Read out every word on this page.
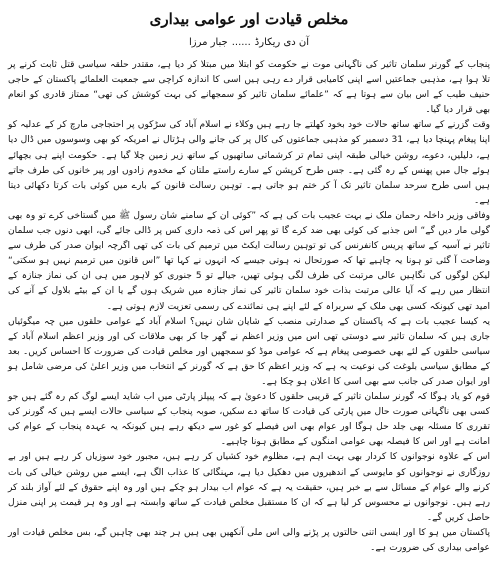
مخلص قیادت اور عوامی بیداری
آن دی ریکارڈ......جبار مرزا

پنجاب کے گورنر سلمان تاثیر کی ناگہانی موت نے حکومت کو ابتلا میں مبتلا کر دیا ہے، مقتدر حلقہ سیاسی قتل ثابت کرنے پر تلا ہوا ہے، مذہبی جماعتیں اسے اپنی کامیابی قرار دے رہی ہیں اسی کا اندازہ کراچی سے جمعیت العلمائے پاکستان کے حاجی حنیف طیب کے اس بیان سے ہوتا ہے کہ ”علمائے سلمان تاثیر کو سمجھانے کی بہت کوشش کی تھی“ ممتاز قادری کو انعام بھی قرار دیا گیا۔

وقت گزرنے کے ساتھ ساتھ حالات خود بخود کھلتے جا رہے ہیں وکلاء نے اسلام آباد کی سڑکوں پر احتجاجی مارچ کر کے عدلیہ کو اپنا پیغام پہنچا دیا ہے، 31 دسمبر کو مذہبی جماعتوں کی کال پر کی جانے والی ہڑتال نے امریکہ کو بھی وسوسوں میں ڈال دیا ہے، دلیلیں، دعوے، روشن خیالی طبقہ اپنی تمام تر کرشماتی ساتھیوں کے ساتھ زیر زمین چلا گیا ہے۔ حکومت اپنے ہی بچھائے ہوئے جال میں پھنس کے رہ گئی ہے۔ جس طرح کرپشن کے سارے راستے ملتان کے مخدوم زادوں اور پیر خانوں کی طرف جاتے ہیں اسی طرح سرحد سلمان تاثیر تک آ کر ختم ہو جاتی ہے۔ توہین رسالت قانون کے بارے میں کوئی بات کرتا دکھائی دیتا ہے۔

وفاقی وزیر داخلہ رحمان ملک نے بہت عجیب بات کی ہے کہ ”کوئی ان کے سامنے شان رسول ﷺ میں گستاخی کرے تو وہ بھی گولی مار دیں گے“ اس جذبے کی کوئی بھی ضد کرے گا تو پھر اس کی ذمہ داری کس پر ڈالی جائے گی، ابھی دنوں جب سلمان تاثیر نے آسیہ کے ساتھ پریس کانفرنس کی تو توہین رسالت ایکٹ میں ترمیم کی بات کی تھی اگرچہ ایوان صدر کی طرف سے وضاحت آ گئی تو ہونا یہ چاہیے تھا کہ صورتحال نہ ہوتی جیسے کہ انہوں نے کہا تھا ”اس قانون میں ترمیم نہیں ہو سکتی“ لیکن لوگوں کی نگاہیں عالی مرتبت کی طرف لگی ہوئی تھیں، جیالے تو 5 جنوری کو لاہور میں ہی ان کی نماز جنازہ کے انتظار میں رہے کہ آیا عالی مرتبت بذات خود سلمان تاثیر کی نماز جنازہ میں شریک ہوں گے یا ان کے بیٹے بلاول کے آنے کی امید تھی کیونکہ کسی بھی ملک کے سربراہ کے لئے اپنے ہی نمائندے کی رسمی تعزیت لازم ہوتی ہے۔

یہ کیسا عجیب بات ہے کہ پاکستان کے صدارتی منصب کے شایان شان نہیں؟ اسلام آباد کے عوامی حلقوں میں چہ میگوئیاں جاری ہیں کہ سلمان تاثیر سے دوستی تھی اس میں وزیر اعظم نے گھر جا کر بھی ملاقات کی اور وزیر اعظم اسلام آباد کے سیاسی حلقوں کے لئے بھی خصوصی پیغام ہے کہ عوامی موڈ کو سمجھیں اور مخلص قیادت کی ضرورت کا احساس کریں۔ بعد کے مطابق سیاسی بلوغت کی نوعیت یہ ہے کہ وزیر اعظم کا حق ہے کہ گورنر کے انتخاب میں وزیر اعلیٰ کی مرضی شامل ہو اور ایوان صدر کی جانب سے بھی اسی کا اعلان ہو چکا ہے۔

قوم کو یاد ہوگا کہ گورنر سلمان تاثیر کے قریبی حلقوں کا دعویٰ ہے کہ پیپلز پارٹی میں اب شاید ایسے لوگ کم رہ گئے ہیں جو کسی بھی ناگہانی صورت حال میں پارٹی کی قیادت کا ساتھ دے سکیں، صوبہ پنجاب کے سیاسی حالات ایسے ہیں کہ گورنر کی تقرری کا مسئلہ بھی جلد حل ہوگا اور عوام بھی اس فیصلے کو غور سے دیکھ رہے ہیں کیونکہ یہ عہدہ پنجاب کے عوام کی امانت ہے اور اس کا فیصلہ بھی عوامی امنگوں کے مطابق ہونا چاہیے۔

اس کے علاوہ نوجوانوں کا کردار بھی بہت اہم ہے، مظلوم خود کشیاں کر رہے ہیں، مجبور خود سوزیاں کر رہے ہیں اور بے روزگاری نے نوجوانوں کو مایوسی کے اندھیروں میں دھکیل دیا ہے، مہنگائی کا عذاب الگ ہے، ایسے میں روشن خیالی کی بات کرنے والے عوام کے مسائل سے بے خبر ہیں، حقیقت یہ ہے کہ عوام اب بیدار ہو چکے ہیں اور وہ اپنے حقوق کے لئے آواز بلند کر رہے ہیں۔ نوجوانوں نے محسوس کر لیا ہے کہ ان کا مستقبل مخلص قیادت کے ساتھ وابستہ ہے اور وہ ہر قیمت پر اپنی منزل حاصل کریں گے۔

پاکستان میں ہو کا اور ایسی اتنی حالتوں پر پڑنے والی اس ملی آنکھیں بھی ہیں ہر چند بھی چاہیں گے، بس مخلص قیادت اور عوامی بیداری کی ضرورت ہے۔
